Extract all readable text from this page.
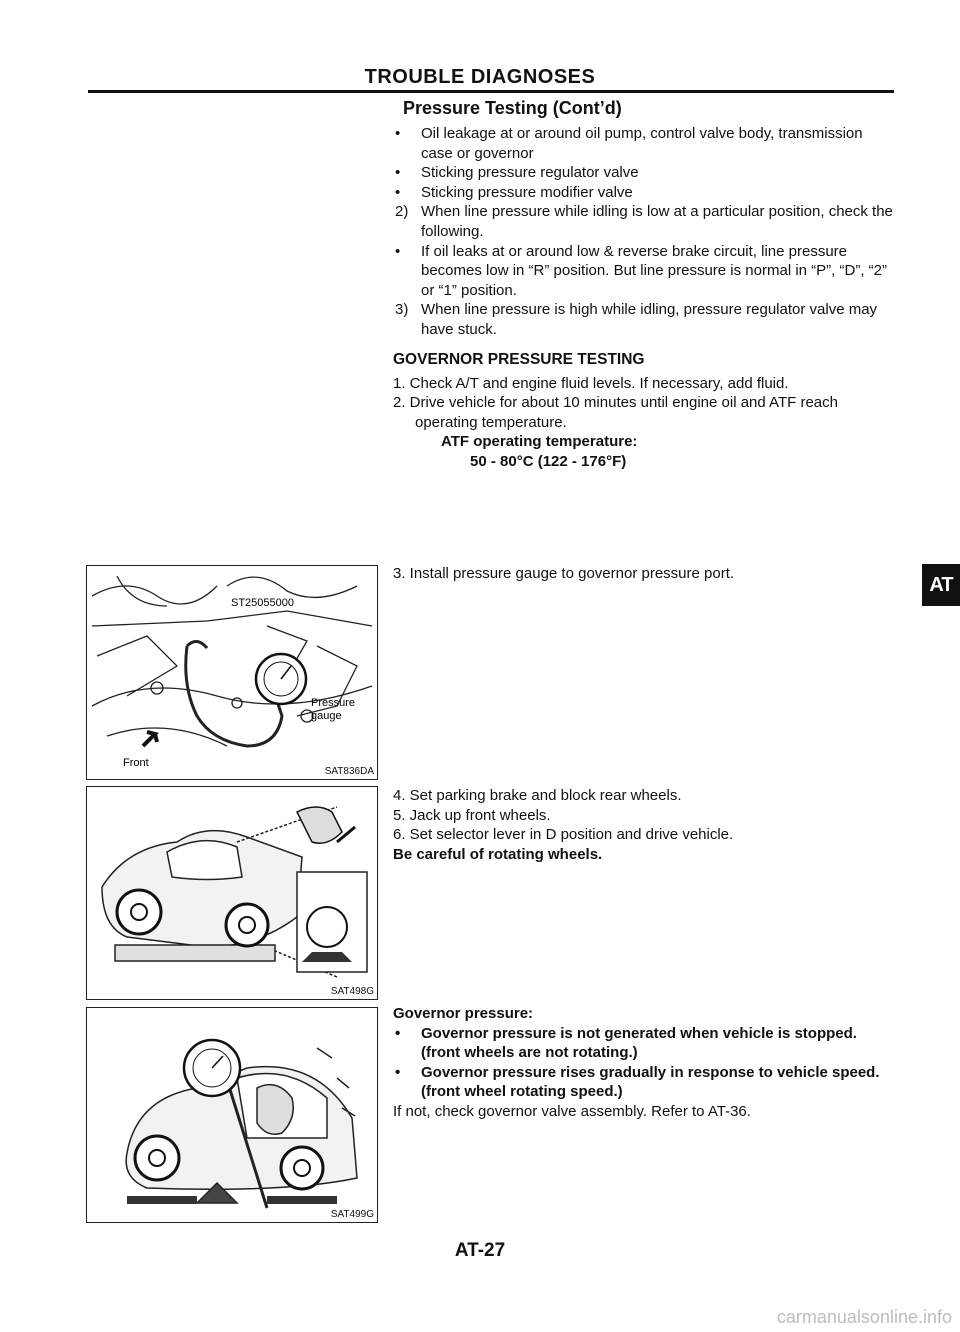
TROUBLE DIAGNOSES
Pressure Testing (Cont’d)
• Oil leakage at or around oil pump, control valve body, transmission case or governor
• Sticking pressure regulator valve
• Sticking pressure modifier valve
2) When line pressure while idling is low at a particular position, check the following.
• If oil leaks at or around low & reverse brake circuit, line pressure becomes low in “R” position. But line pressure is normal in “P”, “D”, “2” or “1” position.
3) When line pressure is high while idling, pressure regulator valve may have stuck.

GOVERNOR PRESSURE TESTING

1. Check A/T and engine fluid levels. If necessary, add fluid.

2. Drive vehicle for about 10 minutes until engine oil and ATF reach operating temperature.

ATF operating temperature:

50 - 80°C (122 - 176°F)

3. Install pressure gauge to governor pressure port.

4. Set parking brake and block rear wheels.

5. Jack up front wheels.

6. Set selector lever in D position and drive vehicle.

Be careful of rotating wheels.

Governor pressure:

• Governor pressure is not generated when vehicle is stopped. (front wheels are not rotating.)
• Governor pressure rises gradually in response to vehicle speed. (front wheel rotating speed.)

If not, check governor valve assembly. Refer to AT-36.

ST25055000
Pressure
gauge
Front
SAT836DA
SAT498G
SAT499G
AT
AT-27
carmanualsonline.info
